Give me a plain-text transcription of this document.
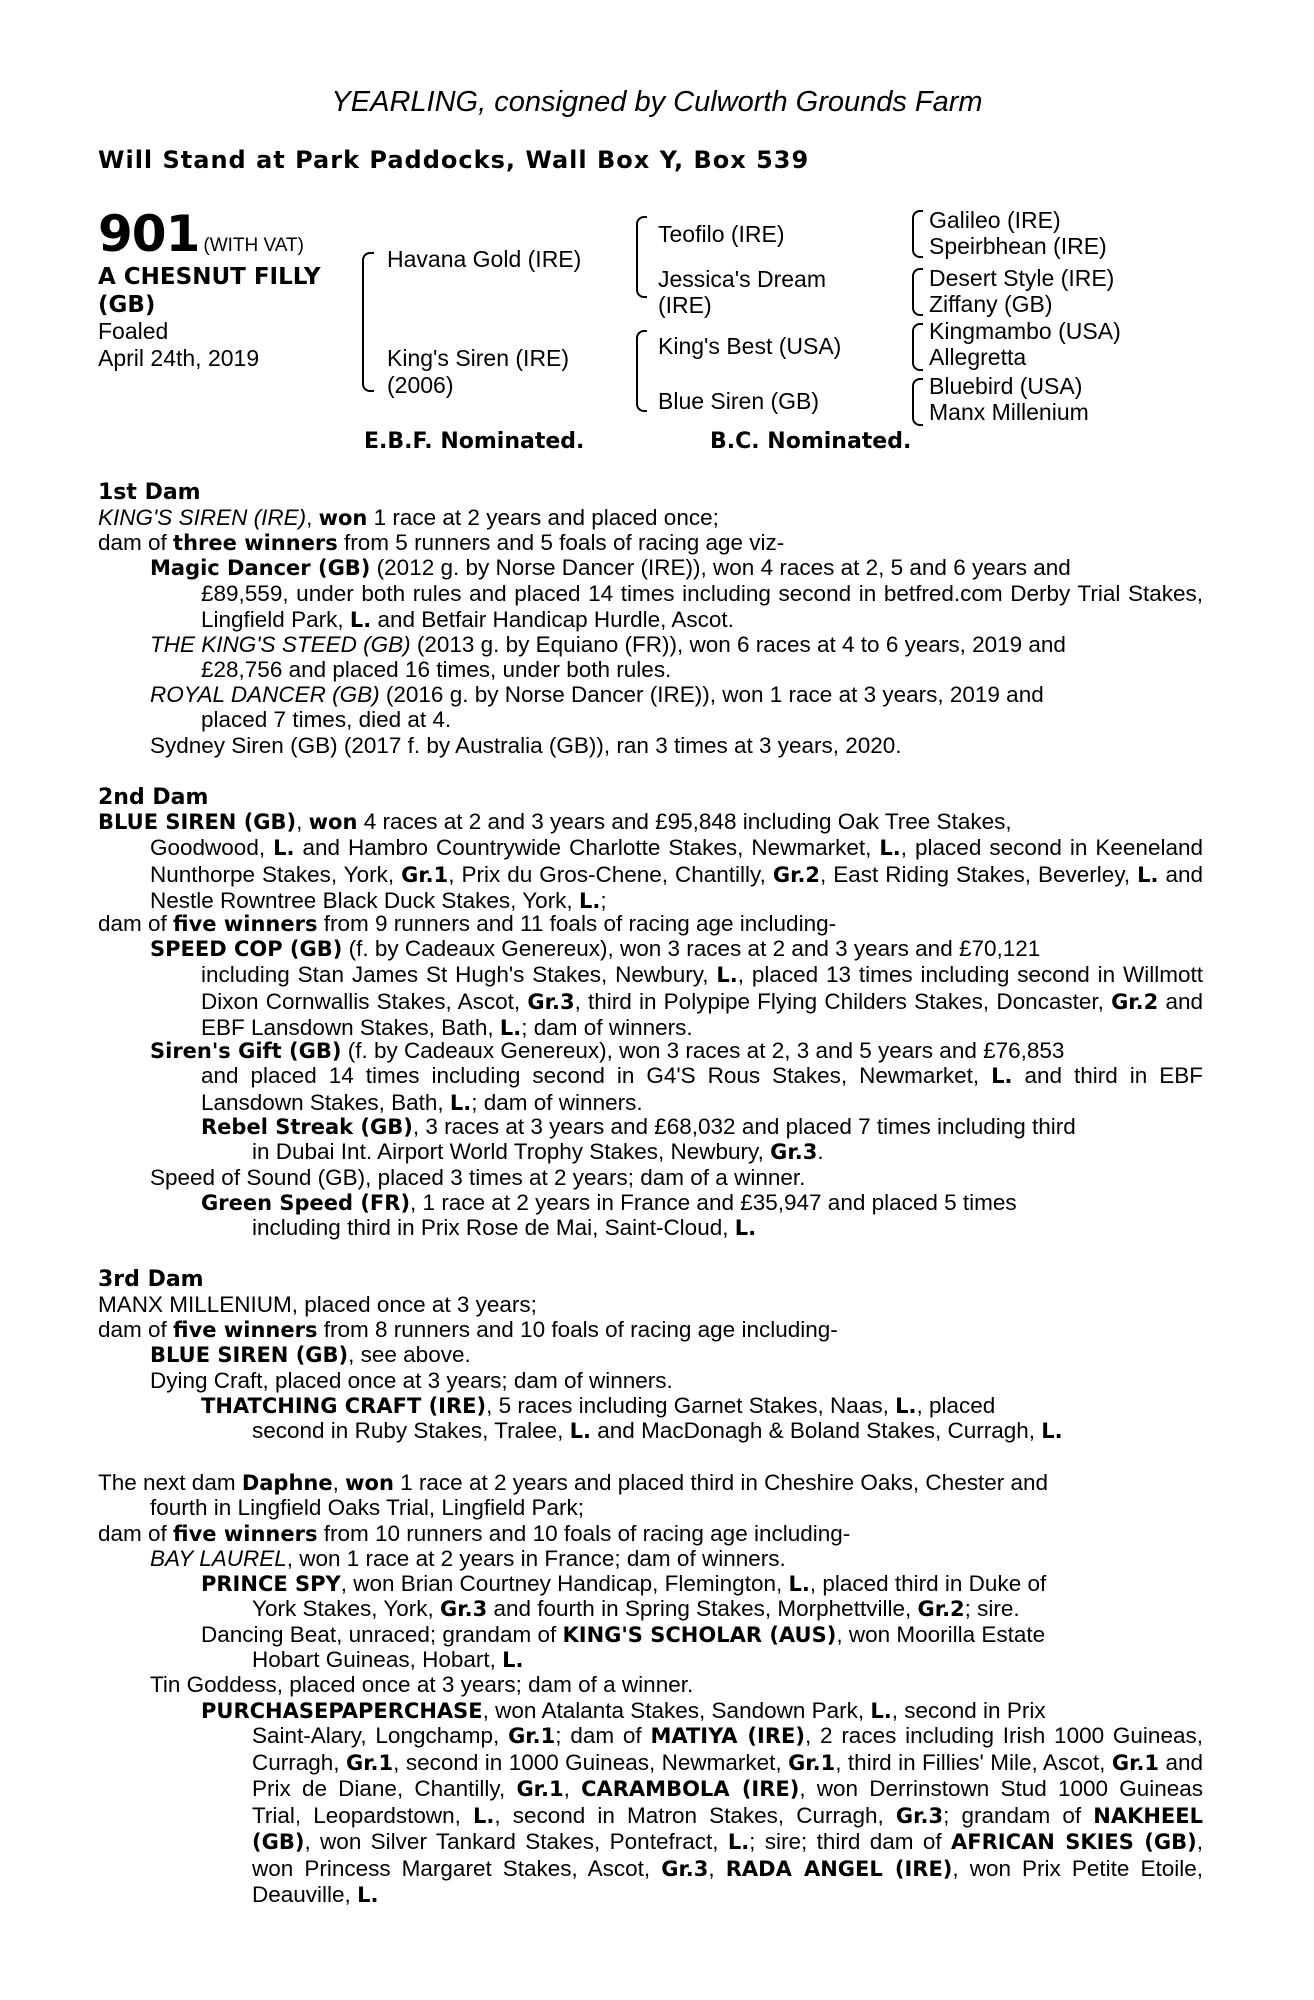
YEARLING, consigned by Culworth Grounds Farm
Will Stand at Park Paddocks, Wall Box Y, Box 539
901 (WITH VAT)
A CHESNUT FILLY
(GB)
Foaled
April 24th, 2019
Havana Gold (IRE)
King's Siren (IRE)
(2006)
Teofilo (IRE)
Jessica's Dream
(IRE)
King's Best (USA)
Blue Siren (GB)
Galileo (IRE)
Speirbhean (IRE)
Desert Style (IRE)
Ziffany (GB)
Kingmambo (USA)
Allegretta
Bluebird (USA)
Manx Millenium
E.B.F. Nominated.	B.C. Nominated.
1st Dam
KING'S SIREN (IRE), won 1 race at 2 years and placed once;
dam of three winners from 5 runners and 5 foals of racing age viz-
Magic Dancer (GB) (2012 g. by Norse Dancer (IRE)), won 4 races at 2, 5 and 6 years and
£89,559, under both rules and placed 14 times including second in betfred.com Derby Trial Stakes, Lingfield Park, L. and Betfair Handicap Hurdle, Ascot.
THE KING'S STEED (GB) (2013 g. by Equiano (FR)), won 6 races at 4 to 6 years, 2019 and
£28,756 and placed 16 times, under both rules.
ROYAL DANCER (GB) (2016 g. by Norse Dancer (IRE)), won 1 race at 3 years, 2019 and
placed 7 times, died at 4.
Sydney Siren (GB) (2017 f. by Australia (GB)), ran 3 times at 3 years, 2020.
2nd Dam
BLUE SIREN (GB), won 4 races at 2 and 3 years and £95,848 including Oak Tree Stakes,
Goodwood, L. and Hambro Countrywide Charlotte Stakes, Newmarket, L., placed second in Keeneland Nunthorpe Stakes, York, Gr.1, Prix du Gros-Chene, Chantilly, Gr.2, East Riding Stakes, Beverley, L. and Nestle Rowntree Black Duck Stakes, York, L.;
dam of five winners from 9 runners and 11 foals of racing age including-
SPEED COP (GB) (f. by Cadeaux Genereux), won 3 races at 2 and 3 years and £70,121
including Stan James St Hugh's Stakes, Newbury, L., placed 13 times including second in Willmott Dixon Cornwallis Stakes, Ascot, Gr.3, third in Polypipe Flying Childers Stakes, Doncaster, Gr.2 and EBF Lansdown Stakes, Bath, L.; dam of winners.
Siren's Gift (GB) (f. by Cadeaux Genereux), won 3 races at 2, 3 and 5 years and £76,853
and placed 14 times including second in G4'S Rous Stakes, Newmarket, L. and third in EBF Lansdown Stakes, Bath, L.; dam of winners.
Rebel Streak (GB), 3 races at 3 years and £68,032 and placed 7 times including third
in Dubai Int. Airport World Trophy Stakes, Newbury, Gr.3.
Speed of Sound (GB), placed 3 times at 2 years; dam of a winner.
Green Speed (FR), 1 race at 2 years in France and £35,947 and placed 5 times
including third in Prix Rose de Mai, Saint-Cloud, L.
3rd Dam
MANX MILLENIUM, placed once at 3 years;
dam of five winners from 8 runners and 10 foals of racing age including-
BLUE SIREN (GB), see above.
Dying Craft, placed once at 3 years; dam of winners.
THATCHING CRAFT (IRE), 5 races including Garnet Stakes, Naas, L., placed
second in Ruby Stakes, Tralee, L. and MacDonagh & Boland Stakes, Curragh, L.
The next dam Daphne, won 1 race at 2 years and placed third in Cheshire Oaks, Chester and
fourth in Lingfield Oaks Trial, Lingfield Park;
dam of five winners from 10 runners and 10 foals of racing age including-
BAY LAUREL, won 1 race at 2 years in France; dam of winners.
PRINCE SPY, won Brian Courtney Handicap, Flemington, L., placed third in Duke of
York Stakes, York, Gr.3 and fourth in Spring Stakes, Morphettville, Gr.2; sire.
Dancing Beat, unraced; grandam of KING'S SCHOLAR (AUS), won Moorilla Estate
Hobart Guineas, Hobart, L.
Tin Goddess, placed once at 3 years; dam of a winner.
PURCHASEPAPERCHASE, won Atalanta Stakes, Sandown Park, L., second in Prix
Saint-Alary, Longchamp, Gr.1; dam of MATIYA (IRE), 2 races including Irish 1000 Guineas, Curragh, Gr.1, second in 1000 Guineas, Newmarket, Gr.1, third in Fillies' Mile, Ascot, Gr.1 and Prix de Diane, Chantilly, Gr.1, CARAMBOLA (IRE), won Derrinstown Stud 1000 Guineas Trial, Leopardstown, L., second in Matron Stakes, Curragh, Gr.3; grandam of NAKHEEL (GB), won Silver Tankard Stakes, Pontefract, L.; sire; third dam of AFRICAN SKIES (GB), won Princess Margaret Stakes, Ascot, Gr.3, RADA ANGEL (IRE), won Prix Petite Etoile, Deauville, L.
